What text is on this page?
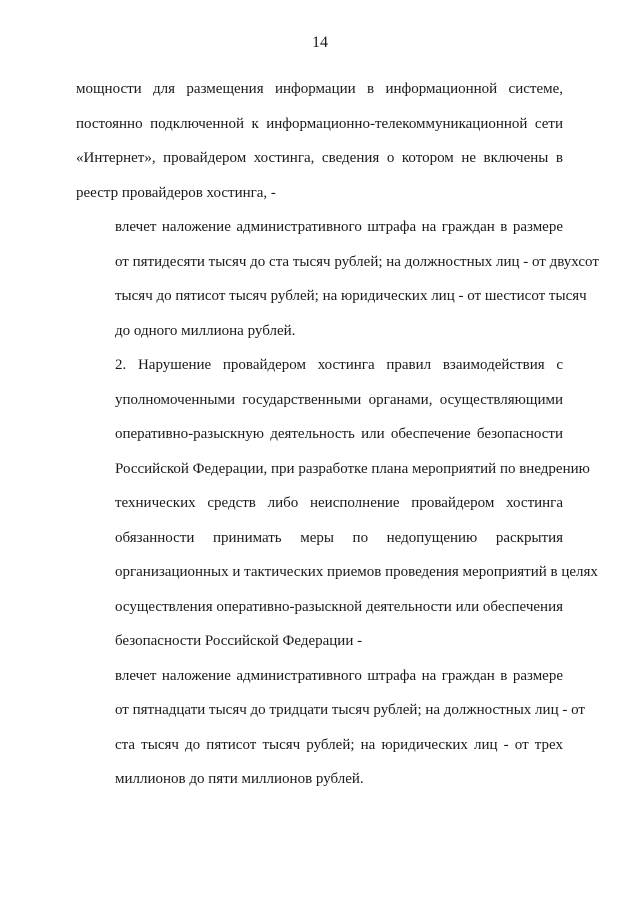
14

мощности для размещения информации в информационной системе,
постоянно подключенной к информационно-телекоммуникационной сети
«Интернет», провайдером хостинга, сведения о котором не включены в
реестр провайдеров хостинга, -

влечет наложение административного штрафа на граждан в размере
от пятидесяти тысяч до ста тысяч рублей; на должностных лиц - от двухсот
тысяч до пятисот тысяч рублей; на юридических лиц - от шестисот тысяч
до одного миллиона рублей.

2. Нарушение провайдером хостинга правил взаимодействия с
уполномоченными государственными органами, осуществляющими
оперативно-разыскную деятельность или обеспечение безопасности
Российской Федерации, при разработке плана мероприятий по внедрению
технических средств либо неисполнение провайдером хостинга
обязанности принимать меры по недопущению раскрытия
организационных и тактических приемов проведения мероприятий в целях
осуществления оперативно-разыскной деятельности или обеспечения
безопасности Российской Федерации -

влечет наложение административного штрафа на граждан в размере
от пятнадцати тысяч до тридцати тысяч рублей; на должностных лиц - от
ста тысяч до пятисот тысяч рублей; на юридических лиц - от трех
миллионов до пяти миллионов рублей.
